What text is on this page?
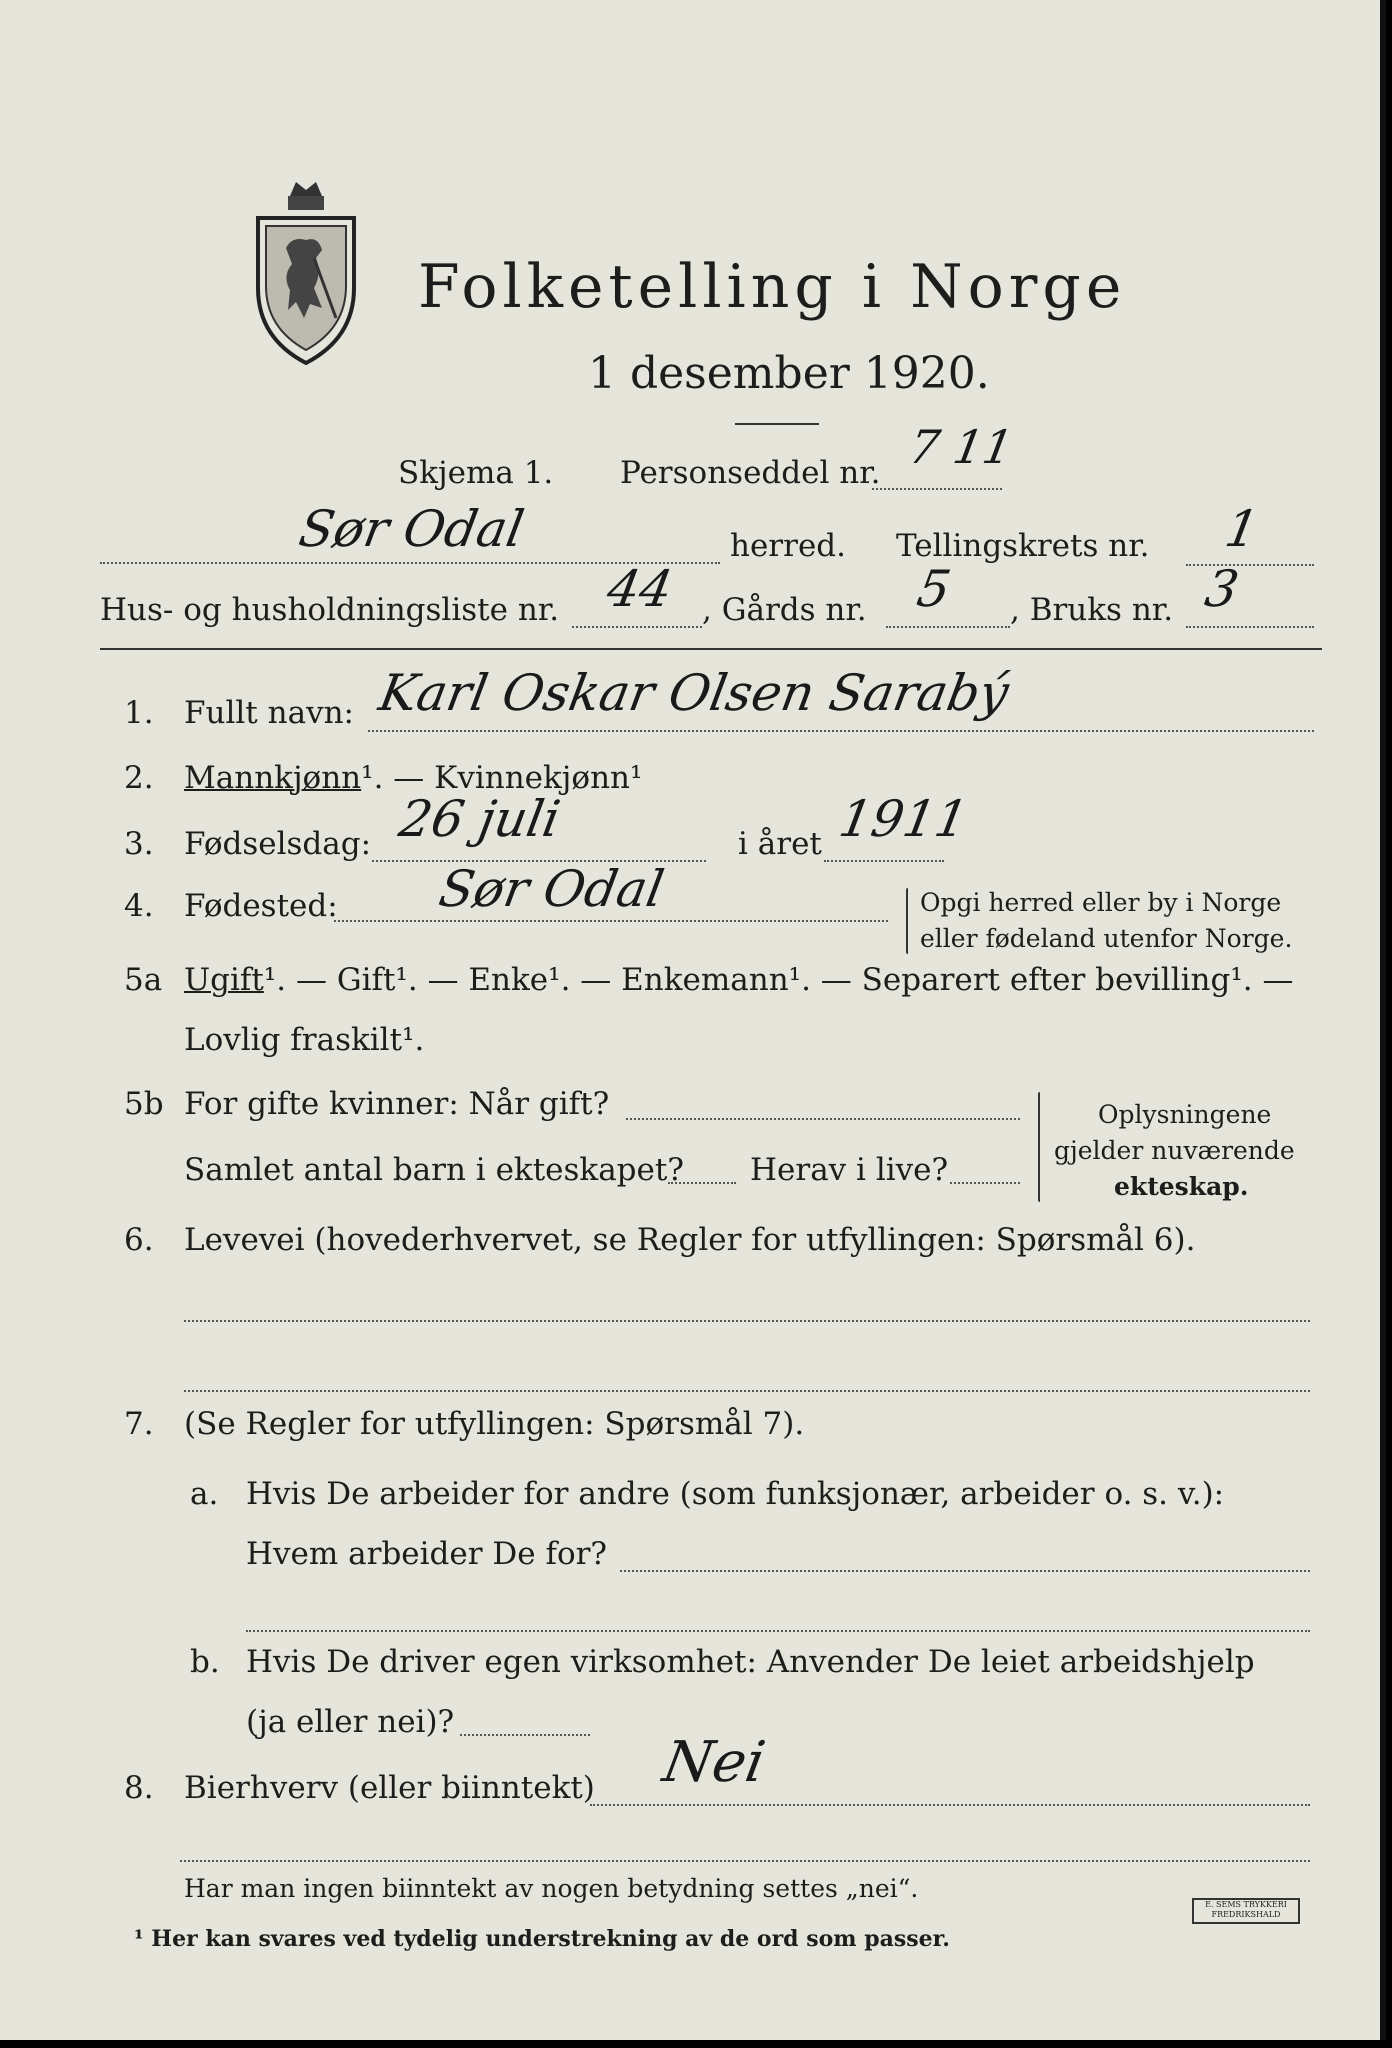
Folketelling i Norge
1 desember 1920.
Skjema 1. Personseddel nr. 7 11
Sør Odal	herred. Tellingskrets nr. 1
Hus- og husholdningsliste nr. 44 , Gårds nr. 5 , Bruks nr. 3
1. Fullt navn: Karl Oskar Olsen Sarabý
2. Mannkjønn¹. — Kvinnekjønn¹
3. Fødselsdag: 26 juli	i året 1911
4. Fødested: Sør Odal	Opgi herred eller by i Norge
eller fødeland utenfor Norge.
5a Ugift¹. — Gift¹. — Enke¹. — Enkemann¹. — Separert efter bevilling¹. —
Lovlig fraskilt¹.
5b For gifte kvinner: Når gift?
Samlet antal barn i ekteskapet? Herav i live?
Oplysningene
gjelder nuværende
ekteskap.
6. Levevei (hovederhvervet, se Regler for utfyllingen: Spørsmål 6).
7. (Se Regler for utfyllingen: Spørsmål 7).
a. Hvis De arbeider for andre (som funksjonær, arbeider o. s. v.):
Hvem arbeider De for?
b. Hvis De driver egen virksomhet: Anvender De leiet arbeidshjelp
(ja eller nei)?
8. Bierhverv (eller biinntekt) Nei
Har man ingen biinntekt av nogen betydning settes „nei“.
¹ Her kan svares ved tydelig understrekning av de ord som passer.
E. SEMS TRYKKERI FREDRIKSHALD
